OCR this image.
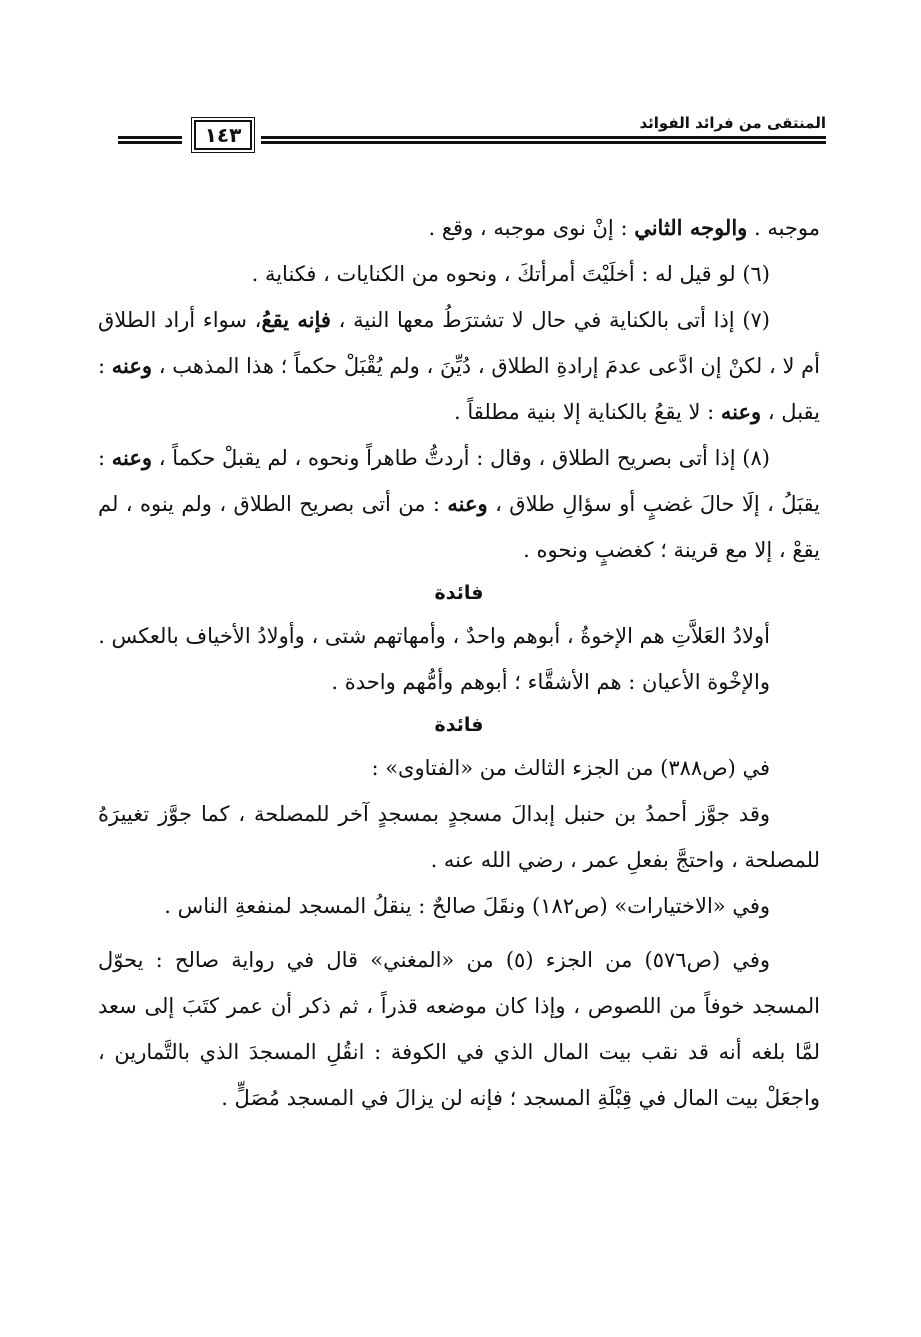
المنتقى من فرائد الفوائد
١٤٣

موجبه . والوجه الثاني : إنْ نوى موجبه ، وقع .

(٦) لو قيل له : أخلَيْتَ أمرأتكَ ، ونحوه من الكنايات ، فكناية .

(٧) إذا أتى بالكناية في حال لا تشترَطُ معها النية ، فإنه يقعُ، سواء أراد الطلاق أم لا ، لكنْ إن ادَّعى عدمَ إرادةِ الطلاق ، دُيِّنَ ، ولم يُقْبَلْ حكماً ؛ هذا المذهب ، وعنه : يقبل ، وعنه : لا يقعُ بالكناية إلا بنية مطلقاً .

(٨) إذا أتى بصريح الطلاق ، وقال : أردتُّ طاهراً ونحوه ، لم يقبلْ حكماً ، وعنه : يقبَلُ ، إلَا حالَ غضبٍ أو سؤالِ طلاق ، وعنه : من أتى بصريح الطلاق ، ولم ينوه ، لم يقعْ ، إلا مع قرينة ؛ كغضبٍ ونحوه .

فائدة

أولادُ العَلاَّتِ هم الإخوةُ ، أبوهم واحدٌ ، وأمهاتهم شتى ، وأولادُ الأخياف بالعكس .

والإخْوة الأعيان : هم الأشقَّاء ؛ أبوهم وأمُّهم واحدة .

فائدة

في (ص٣٨٨) من الجزء الثالث من «الفتاوى» :

وقد جوَّز أحمدُ بن حنبل إبدالَ مسجدٍ بمسجدٍ آخر للمصلحة ، كما جوَّز تغييرَهُ للمصلحة ، واحتجَّ بفعلِ عمر ، رضي الله عنه .

وفي «الاختيارات» (ص١٨٢) ونقَلَ صالحٌ : ينقلُ المسجد لمنفعةِ الناس .

وفي (ص٥٧٦) من الجزء (٥) من «المغني» قال في رواية صالح : يحوّل المسجد خوفاً من اللصوص ، وإذا كان موضعه قذراً ، ثم ذكر أن عمر كتَبَ إلى سعد لمَّا بلغه أنه قد نقب بيت المال الذي في الكوفة : انقُلِ المسجدَ الذي بالتَّمارين ، واجعَلْ بيت المال في قِبْلَةِ المسجد ؛ فإنه لن يزالَ في المسجد مُصَلٍّ .
